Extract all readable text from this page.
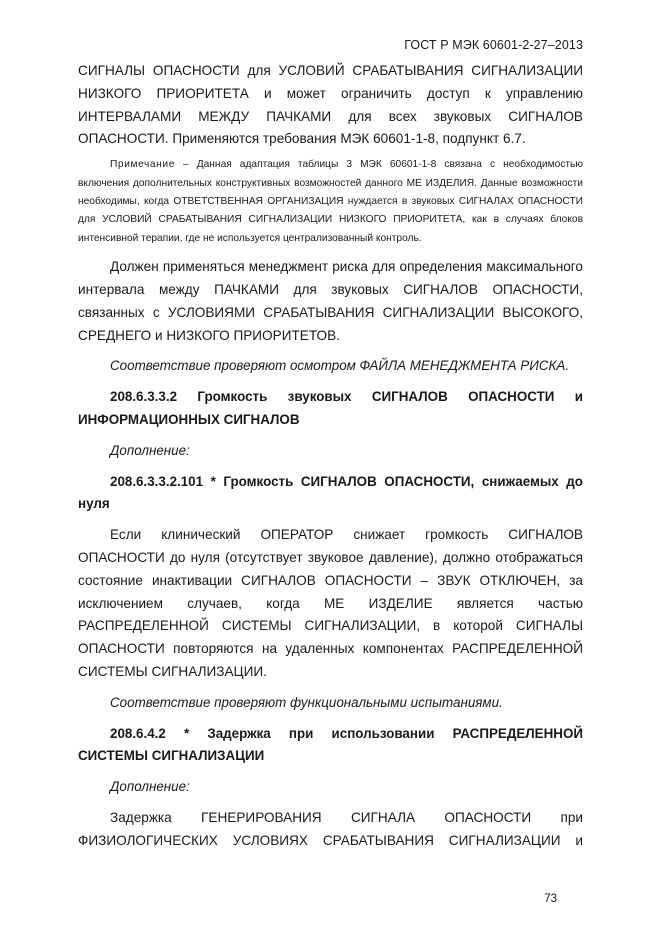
ГОСТ Р МЭК 60601-2-27–2013

СИГНАЛЫ ОПАСНОСТИ для УСЛОВИЙ СРАБАТЫВАНИЯ СИГНАЛИЗАЦИИ НИЗКОГО ПРИОРИТЕТА и может ограничить доступ к управлению ИНТЕРВАЛАМИ МЕЖДУ ПАЧКАМИ для всех звуковых СИГНАЛОВ ОПАСНОСТИ. Применяются требования МЭК 60601-1-8, подпункт 6.7.

Примечание – Данная адаптация таблицы 3 МЭК 60601-1-8 связана с необходимостью включения дополнительных конструктивных возможностей данного МЕ ИЗДЕЛИЯ. Данные возможности необходимы, когда ОТВЕТСТВЕННАЯ ОРГАНИЗАЦИЯ нуждается в звуковых СИГНАЛАХ ОПАСНОСТИ для УСЛОВИЙ СРАБАТЫВАНИЯ СИГНАЛИЗАЦИИ НИЗКОГО ПРИОРИТЕТА, как в случаях блоков интенсивной терапии, где не используется централизованный контроль.

Должен применяться менеджмент риска для определения максимального интервала между ПАЧКАМИ для звуковых СИГНАЛОВ ОПАСНОСТИ, связанных с УСЛОВИЯМИ СРАБАТЫВАНИЯ СИГНАЛИЗАЦИИ ВЫСОКОГО, СРЕДНЕГО и НИЗКОГО ПРИОРИТЕТОВ.

Соответствие проверяют осмотром ФАЙЛА МЕНЕДЖМЕНТА РИСКА.

208.6.3.3.2 Громкость звуковых СИГНАЛОВ ОПАСНОСТИ и ИНФОРМАЦИОННЫХ СИГНАЛОВ

Дополнение:

208.6.3.3.2.101 * Громкость СИГНАЛОВ ОПАСНОСТИ, снижаемых до нуля

Если клинический ОПЕРАТОР снижает громкость СИГНАЛОВ ОПАСНОСТИ до нуля (отсутствует звуковое давление), должно отображаться состояние инактивации СИГНАЛОВ ОПАСНОСТИ – ЗВУК ОТКЛЮЧЕН, за исключением случаев, когда МЕ ИЗДЕЛИЕ является частью РАСПРЕДЕЛЕННОЙ СИСТЕМЫ СИГНАЛИЗАЦИИ, в которой СИГНАЛЫ ОПАСНОСТИ повторяются на удаленных компонентах РАСПРЕДЕЛЕННОЙ СИСТЕМЫ СИГНАЛИЗАЦИИ.

Соответствие проверяют функциональными испытаниями.

208.6.4.2 * Задержка при использовании РАСПРЕДЕЛЕННОЙ СИСТЕМЫ СИГНАЛИЗАЦИИ

Дополнение:

Задержка ГЕНЕРИРОВАНИЯ СИГНАЛА ОПАСНОСТИ при ФИЗИОЛОГИЧЕСКИХ УСЛОВИЯХ СРАБАТЫВАНИЯ СИГНАЛИЗАЦИИ и

73
